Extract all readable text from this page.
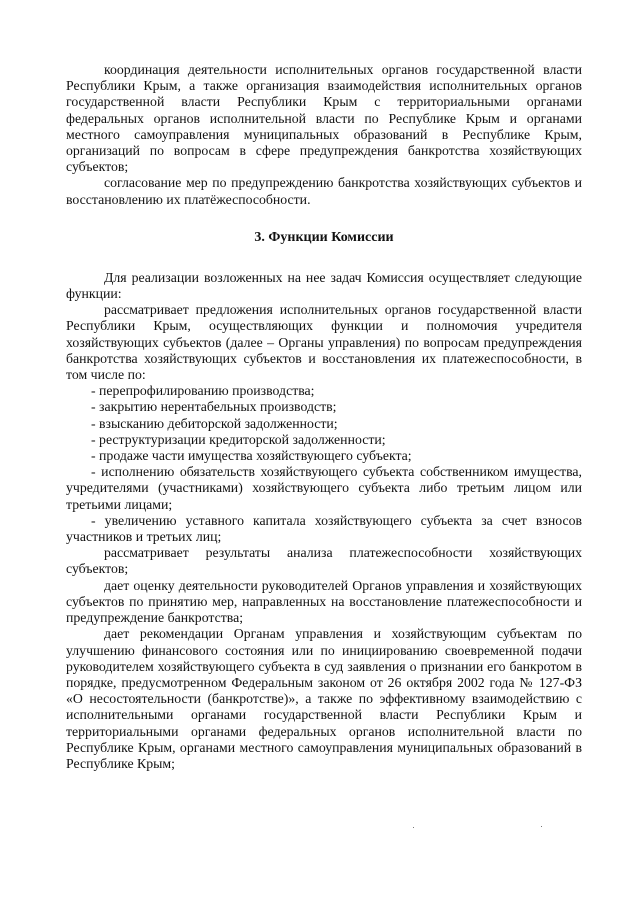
координация деятельности исполнительных органов государственной власти Республики Крым, а также организация взаимодействия исполнительных органов государственной власти Республики Крым с территориальными органами федеральных органов исполнительной власти по Республике Крым и органами местного самоуправления муниципальных образований в Республике Крым, организаций по вопросам в сфере предупреждения банкротства хозяйствующих субъектов;

согласование мер по предупреждению банкротства хозяйствующих субъектов и восстановлению их платёжеспособности.

3. Функции Комиссии

Для реализации возложенных на нее задач Комиссия осуществляет следующие функции:

рассматривает предложения исполнительных органов государственной власти Республики Крым, осуществляющих функции и полномочия учредителя хозяйствующих субъектов (далее – Органы управления) по вопросам предупреждения банкротства хозяйствующих субъектов и восстановления их платежеспособности, в том числе по:

- перепрофилированию производства;

- закрытию нерентабельных производств;

- взысканию дебиторской задолженности;

- реструктуризации кредиторской задолженности;

- продаже части имущества хозяйствующего субъекта;

- исполнению обязательств хозяйствующего субъекта собственником имущества, учредителями (участниками) хозяйствующего субъекта либо третьим лицом или третьими лицами;

- увеличению уставного капитала хозяйствующего субъекта за счет взносов участников и третьих лиц;

рассматривает результаты анализа платежеспособности хозяйствующих субъектов;

дает оценку деятельности руководителей Органов управления и хозяйствующих субъектов по принятию мер, направленных на восстановление платежеспособности и предупреждение банкротства;

дает рекомендации Органам управления и хозяйствующим субъектам по улучшению финансового состояния или по инициированию своевременной подачи руководителем хозяйствующего субъекта в суд заявления о признании его банкротом в порядке, предусмотренном Федеральным законом от 26 октября 2002 года № 127-ФЗ «О несостоятельности (банкротстве)», а также по эффективному взаимодействию с исполнительными органами государственной власти Республики Крым и территориальными органами федеральных органов исполнительной власти по Республике Крым, органами местного самоуправления муниципальных образований в Республике Крым;
